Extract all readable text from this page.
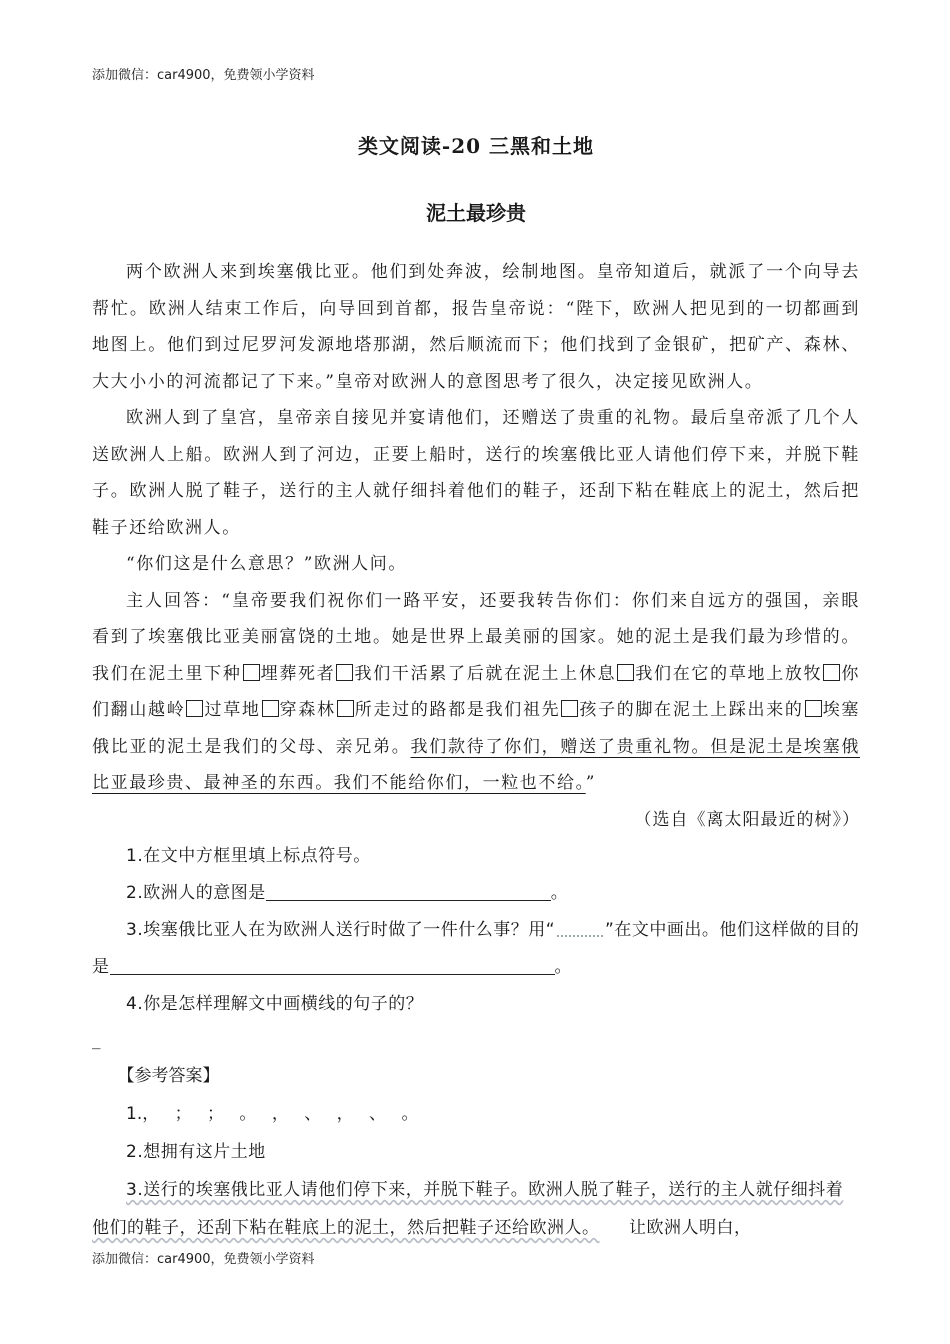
添加微信：car4900，免费领小学资料
类文阅读-20 三黑和土地
泥土最珍贵

两个欧洲人来到埃塞俄比亚。他们到处奔波，绘制地图。皇帝知道后，就派了一个向导去帮忙。欧洲人结束工作后，向导回到首都，报告皇帝说：“陛下，欧洲人把见到的一切都画到地图上。他们到过尼罗河发源地塔那湖，然后顺流而下；他们找到了金银矿，把矿产、森林、大大小小的河流都记了下来。”皇帝对欧洲人的意图思考了很久，决定接见欧洲人。

欧洲人到了皇宫，皇帝亲自接见并宴请他们，还赠送了贵重的礼物。最后皇帝派了几个人送欧洲人上船。欧洲人到了河边，正要上船时，送行的埃塞俄比亚人请他们停下来，并脱下鞋子。欧洲人脱了鞋子，送行的主人就仔细抖着他们的鞋子，还刮下粘在鞋底上的泥土，然后把鞋子还给欧洲人。

“你们这是什么意思？”欧洲人问。

主人回答：“皇帝要我们祝你们一路平安，还要我转告你们：你们来自远方的强国，亲眼看到了埃塞俄比亚美丽富饶的土地。她是世界上最美丽的国家。她的泥土是我们最为珍惜的。我们在泥土里下种 埋葬死者 我们干活累了后就在泥土上休息 我们在它的草地上放牧 你们翻山越岭 过草地 穿森林 所走过的路都是我们祖先 孩子的脚在泥土上踩出来的 埃塞俄比亚的泥土是我们的父母、亲兄弟。我们款待了你们，赠送了贵重礼物。但是泥土是埃塞俄比亚最珍贵、最神圣的东西。我们不能给你们，一粒也不给。”

（选自《离太阳最近的树》）

1.在文中方框里填上标点符号。

2.欧洲人的意图是	。

3.埃塞俄比亚人在为欧洲人送行时做了一件什么事？用“	”在文中画出。他们这样做的目的是	。

4.你是怎样理解文中画横线的句子的？

_

【参考答案】

1.， ； ； 。 ， 、 ， 、 。

2.想拥有这片土地

3.送行的埃塞俄比亚人请他们停下来，并脱下鞋子。欧洲人脱了鞋子，送行的主人就仔细抖着他们的鞋子，还刮下粘在鞋底上的泥土，然后把鞋子还给欧洲人。 让欧洲人明白，

添加微信：car4900，免费领小学资料
